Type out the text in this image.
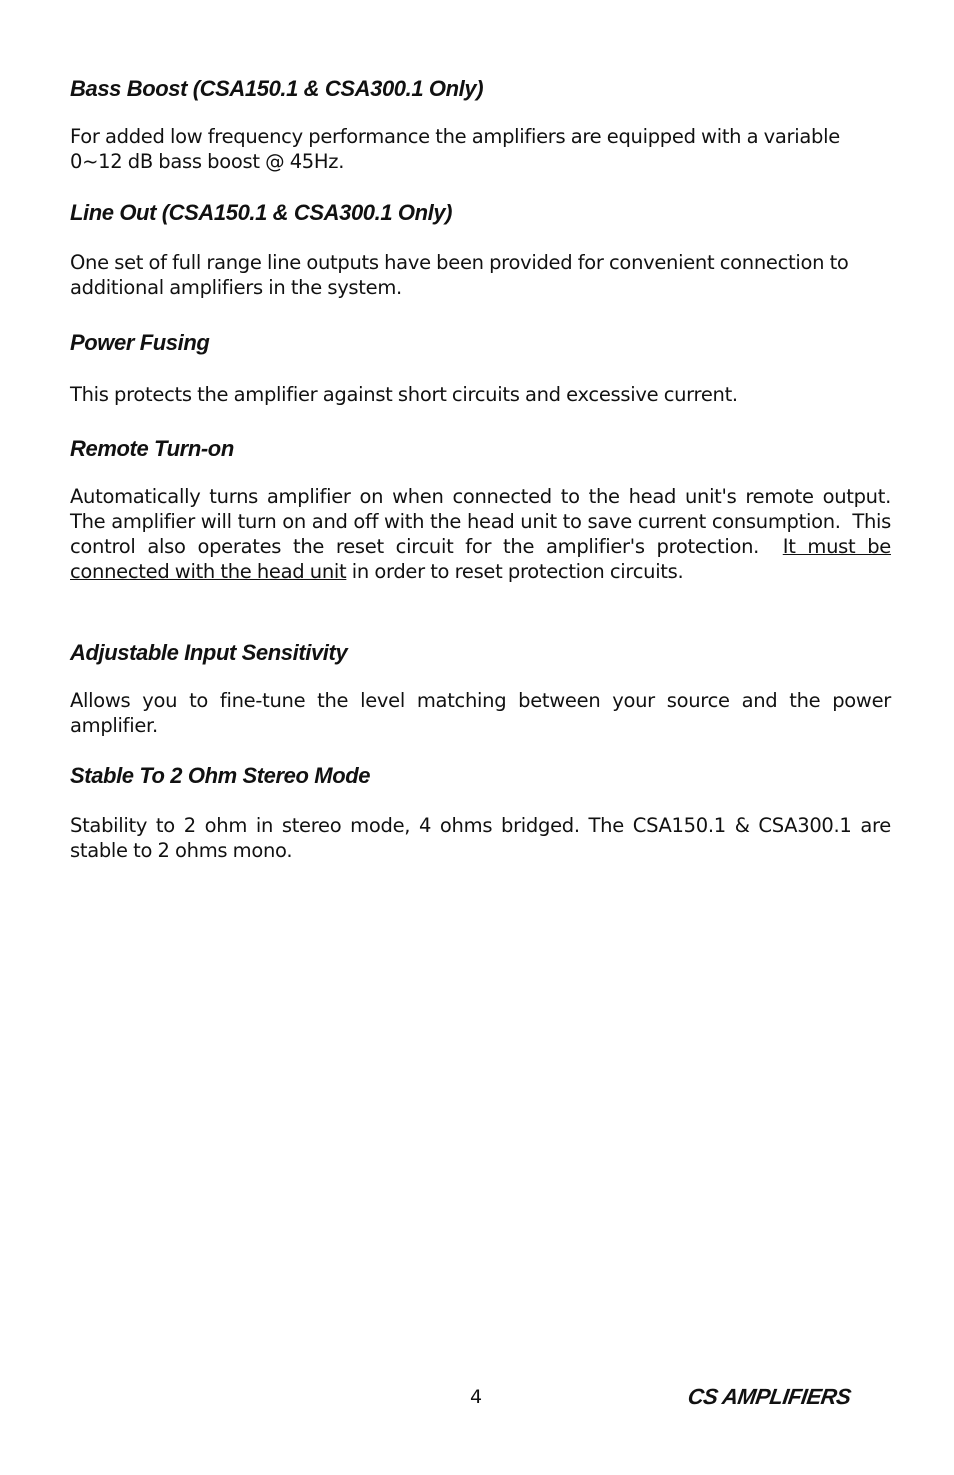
Bass Boost (CSA150.1 & CSA300.1 Only)

For added low frequency performance the amplifiers are equipped with a variable

0~12 dB bass boost @ 45Hz.

Line Out (CSA150.1 & CSA300.1 Only)

One set of full range line outputs have been provided for convenient connection to

additional amplifiers in the system.

Power Fusing

This protects the amplifier against short circuits and excessive current.

Remote Turn-on

Automatically turns amplifier on when connected to the head unit's remote output.  The amplifier will turn on and off with the head unit to save current consumption.  This control also operates the reset circuit for the amplifier's protection.  It must be connected with the head unit in order to reset protection circuits.

Adjustable Input Sensitivity

Allows you to fine-tune the level matching between your source and the power amplifier.

Stable To 2 Ohm Stereo Mode

Stability to 2 ohm in stereo mode, 4 ohms bridged. The CSA150.1 & CSA300.1 are stable to 2 ohms mono.

4	CS AMPLIFIERS
